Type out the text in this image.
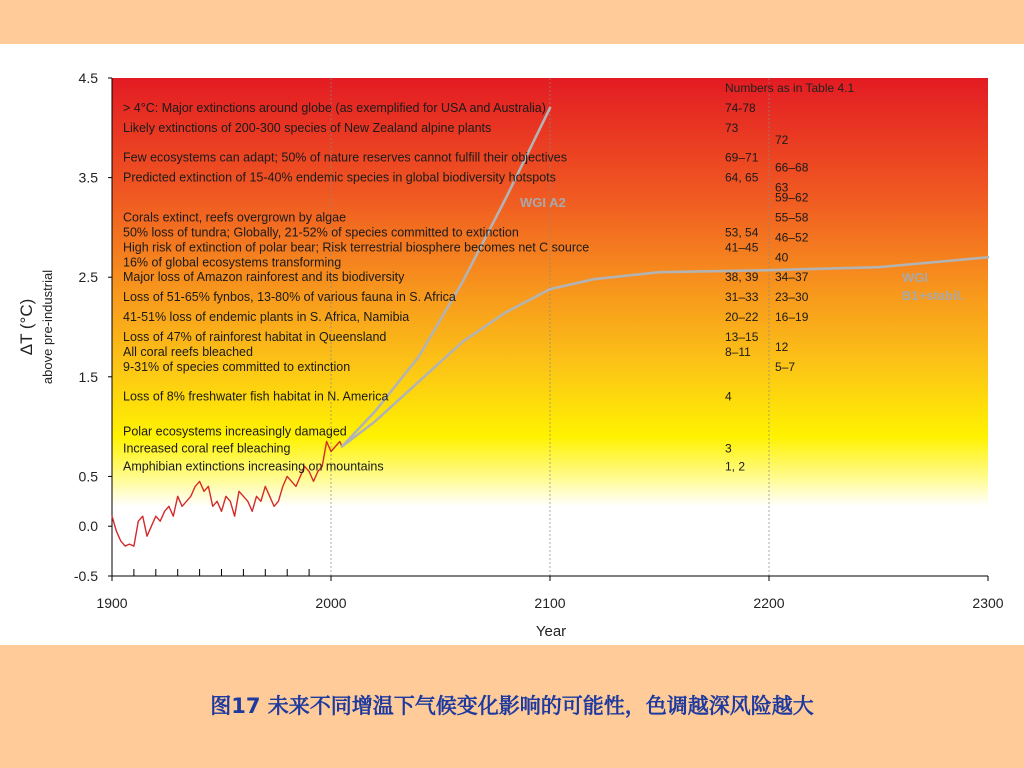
4.5
3.5
2.5
1.5
0.5
0.0
-0.5
1900	2000	2100	2200	2300
> 4°C: Major extinctions around globe (as exemplified for USA and Australia)	74-78
Likely extinctions of 200-300 species of New Zealand alpine plants	73
Few ecosystems can adapt; 50% of nature reserves cannot fulfill their objectives	69–71
Predicted extinction of 15-40% endemic species in global biodiversity hotspots	64, 65
Corals extinct, reefs overgrown by algae
50% loss of tundra; Globally, 21-52% of species committed to extinction	53, 54
High risk of extinction of polar bear; Risk terrestrial biosphere becomes net C source	41–45
16% of global ecosystems transforming
Major loss of Amazon rainforest and its biodiversity	38, 39
Loss of 51-65% fynbos, 13-80% of various fauna in S. Africa	31–33
41-51% loss of endemic plants in S. Africa, Namibia	20–22
Loss of 47% of rainforest habitat in Queensland	13–15
All coral reefs bleached	8–11
9-31% of species committed to extinction
Loss of 8% freshwater fish habitat in N. America	4
Polar ecosystems increasingly damaged
Increased coral reef bleaching	3
Amphibian extinctions increasing on mountains	1, 2
72
66–68
63
59–62
55–58
46–52
40
34–37
23–30
16–19
12
5–7
Numbers as in Table 4.1
WGI A2
WGI
B1+stabil.
Year
ΔT (°C) above pre-industrial
图17 未来不同增温下气候变化影响的可能性，色调越深风险越大
